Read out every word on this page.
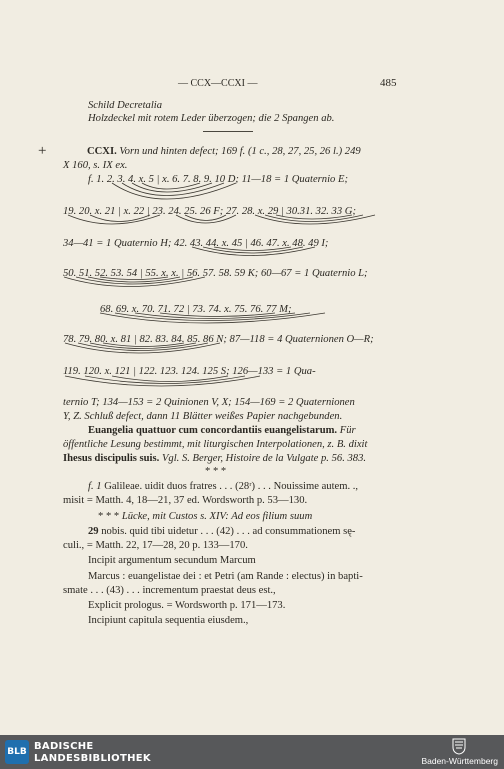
— CCX—CCXI —	485
Schild Decretalia
Holzdeckel mit rotem Leder überzogen; die 2 Spangen ab.
+	CCXI. Vorn und hinten defect; 169 f. (1 c., 28, 27, 25, 26 l.) 249
X 160, s. IX ex.
f. 1. 2. 3. 4. x. 5 | x. 6. 7. 8. 9. 10 D; 11—18 = 1 Quaternio E;
19. 20. x. 21 | x. 22 | 23. 24. 25. 26 F; 27. 28. x. 29 | 30.31. 32. 33 G;
34—41 = 1 Quaternio H; 42. 43. 44. x. 45 | 46. 47. x. 48. 49 I;
50. 51. 52. 53. 54 | 55. x. x. | 56. 57. 58. 59 K; 60—67 = 1 Quaternio L;
68. 69. x. 70. 71. 72 | 73. 74. x. 75. 76. 77 M;
78. 79. 80. x. 81 | 82. 83. 84. 85. 86 N; 87—118 = 4 Quaternionen O—R;
119. 120. x. 121 | 122. 123. 124. 125 S; 126—133 = 1 Qua-
ternio T; 134—153 = 2 Quinionen V, X; 154—169 = 2 Quaternionen
Y, Z. Schluß defect, dann 11 Blätter weißes Papier nachgebunden.
Euangelia quattuor cum concordantiis euangelistarum. Für
öffentliche Lesung bestimmt, mit liturgischen Interpolationen, z. B. dixit
Ihesus discipulis suis. Vgl. S. Berger, Histoire de la Vulgate p. 56. 383.
* * *
f. 1 Galileae. uidit duos fratres . . . (28ʳ) . . . Nouissime autem. .,
misit = Matth. 4, 18—21, 37 ed. Wordsworth p. 53—130.
* * * Lücke, mit Custos s. XIV: Ad eos filium suum
29 nobis. quid tibi uidetur . . . (42) . . . ad consummationem sę-
culi., = Matth. 22, 17—28, 20 p. 133—170.
Incipit argumentum secundum Marcum
Marcus : euangelistae dei : et Petri (am Rande : electus) in bapti-
smate . . . (43) . . . incrementum praestat deus est.,
Explicit prologus. = Wordsworth p. 171—173.
Incipiunt capitula sequentia eiusdem.,
BLB BADISCHE
LANDESBIBLIOTHEK	Baden-Württemberg
